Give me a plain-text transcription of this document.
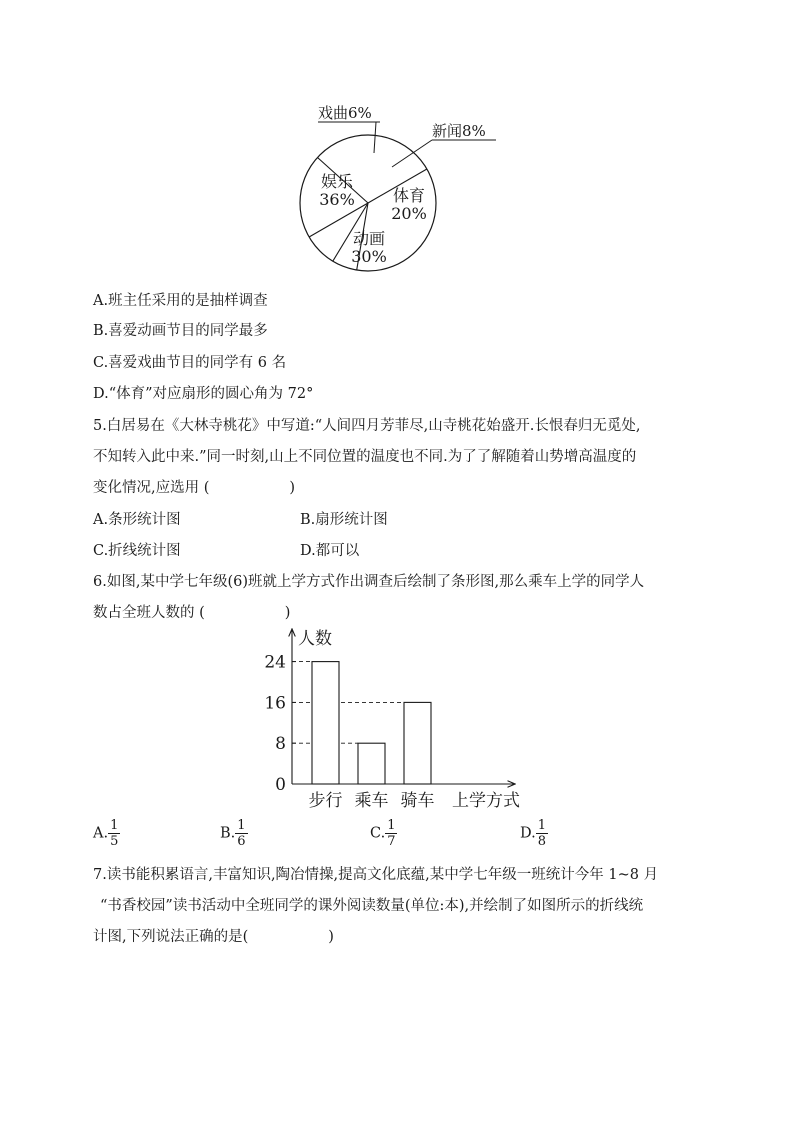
戏曲6%
新闻8%
娱乐
36% 体育
20%
动画
30%
A.班主任采用的是抽样调查
B.喜爱动画节目的同学最多
C.喜爱戏曲节目的同学有 6 名
D.“体育”对应扇形的圆心角为 72°
5.白居易在《大林寺桃花》中写道:“人间四月芳菲尽,山寺桃花始盛开.长恨春归无觅处,
不知转入此中来.”同一时刻,山上不同位置的温度也不同.为了了解随着山势增高温度的
变化情况,应选用 (	)
A.条形统计图	B.扇形统计图
C.折线统计图	D.都可以
6.如图,某中学七年级(6)班就上学方式作出调查后绘制了条形图,那么乘车上学的同学人
数占全班人数的 (	)
人数
上学方式
0
8
16
24
步行 乘车 骑车
A. $\frac{1}{5}$	B. $\frac{1}{6}$	C. $\frac{1}{7}$	D. $\frac{1}{8}$
7.读书能积累语言,丰富知识,陶冶情操,提高文化底蕴,某中学七年级一班统计今年 1~8 月
“书香校园”读书活动中全班同学的课外阅读数量(单位:本),并绘制了如图所示的折线统
计图,下列说法正确的是(	)
